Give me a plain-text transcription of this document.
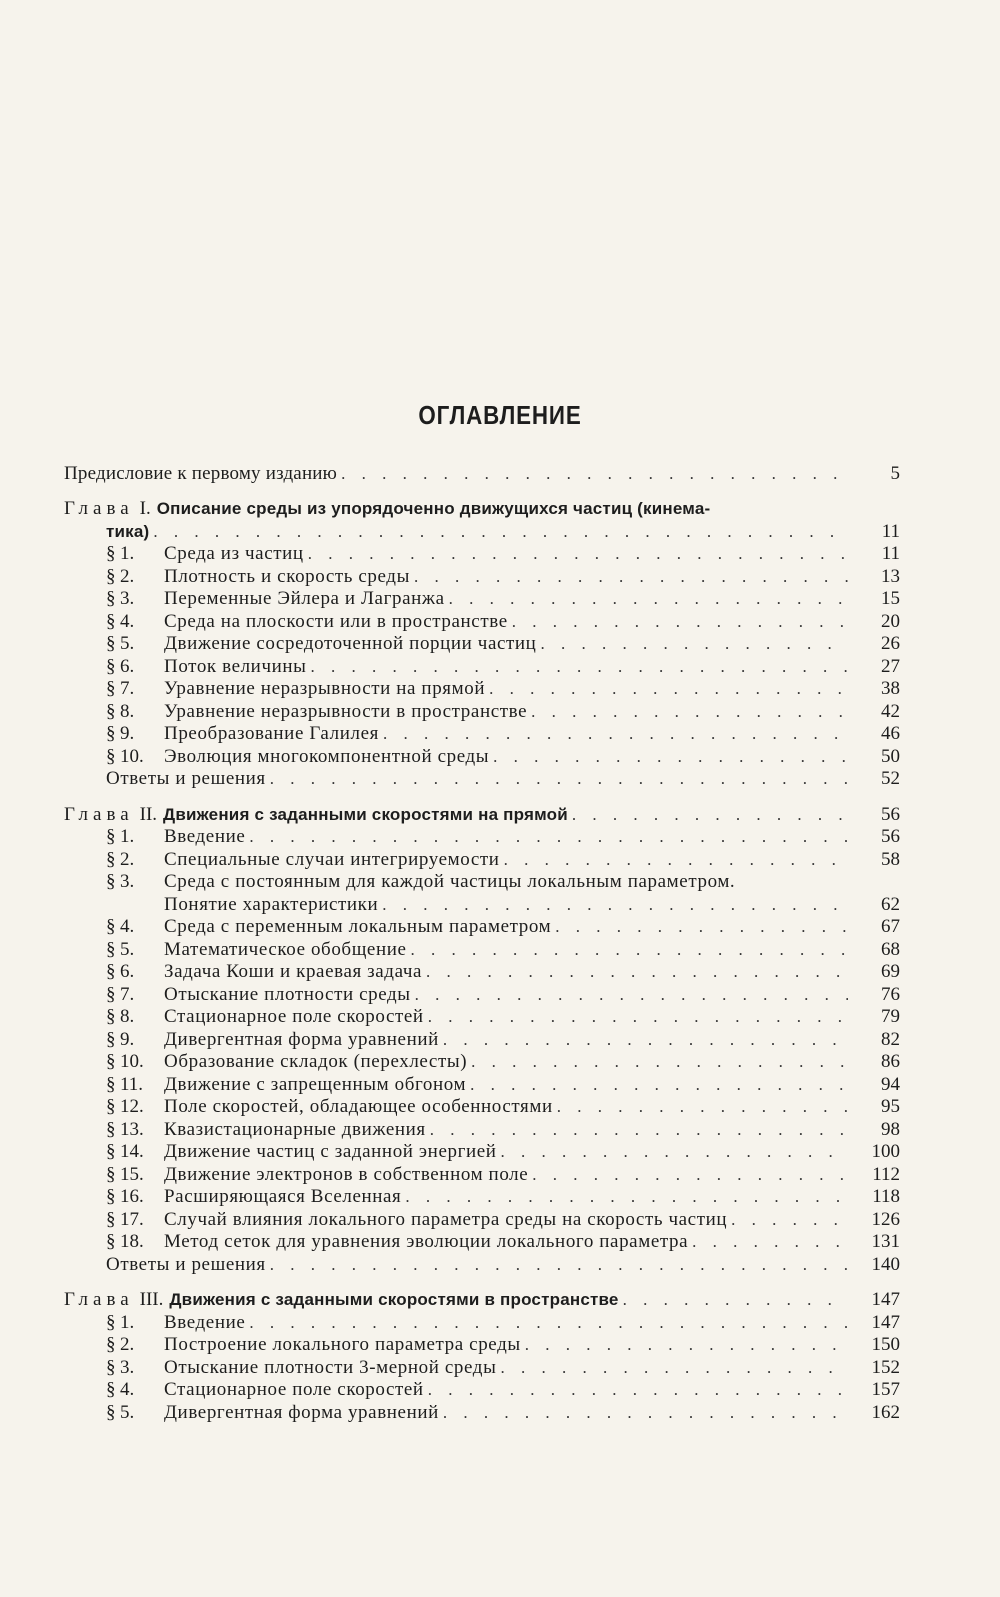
ОГЛАВЛЕНИЕ
Предисловие к первому изданию . . .	5
Глава I. Описание среды из упорядоченно движущихся частиц (кинема-
тика) . . .	11
§ 1.	Среда из частиц . . .	11
§ 2.	Плотность и скорость среды . . .	13
§ 3.	Переменные Эйлера и Лагранжа . . .	15
§ 4.	Среда на плоскости или в пространстве . . .	20
§ 5.	Движение сосредоточенной порции частиц . . .	26
§ 6.	Поток величины . . .	27
§ 7.	Уравнение неразрывности на прямой . . .	38
§ 8.	Уравнение неразрывности в пространстве . . .	42
§ 9.	Преобразование Галилея . . .	46
§ 10.	Эволюция многокомпонентной среды . . .	50
Ответы и решения . . .	52
Глава II. Движения с заданными скоростями на прямой . . .	56
§ 1.	Введение . . .	56
§ 2.	Специальные случаи интегрируемости . . .	58
§ 3.	Среда с постоянным для каждой частицы локальным параметром.
Понятие характеристики . . .	62
§ 4.	Среда с переменным локальным параметром . . .	67
§ 5.	Математическое обобщение . . .	68
§ 6.	Задача Коши и краевая задача . . .	69
§ 7.	Отыскание плотности среды . . .	76
§ 8.	Стационарное поле скоростей . . .	79
§ 9.	Дивергентная форма уравнений . . .	82
§ 10.	Образование складок (перехлесты) . . .	86
§ 11.	Движение с запрещенным обгоном . . .	94
§ 12.	Поле скоростей, обладающее особенностями . . .	95
§ 13.	Квазистационарные движения . . .	98
§ 14.	Движение частиц с заданной энергией . . .	100
§ 15.	Движение электронов в собственном поле . . .	112
§ 16.	Расширяющаяся Вселенная . . .	118
§ 17.	Случай влияния локального параметра среды на скорость частиц . . .	126
§ 18.	Метод сеток для уравнения эволюции локального параметра . . .	131
Ответы и решения . . .	140
Глава III. Движения с заданными скоростями в пространстве . . .	147
§ 1.	Введение . . .	147
§ 2.	Построение локального параметра среды . . .	150
§ 3.	Отыскание плотности 3-мерной среды . . .	152
§ 4.	Стационарное поле скоростей . . .	157
§ 5.	Дивергентная форма уравнений . . .	162
